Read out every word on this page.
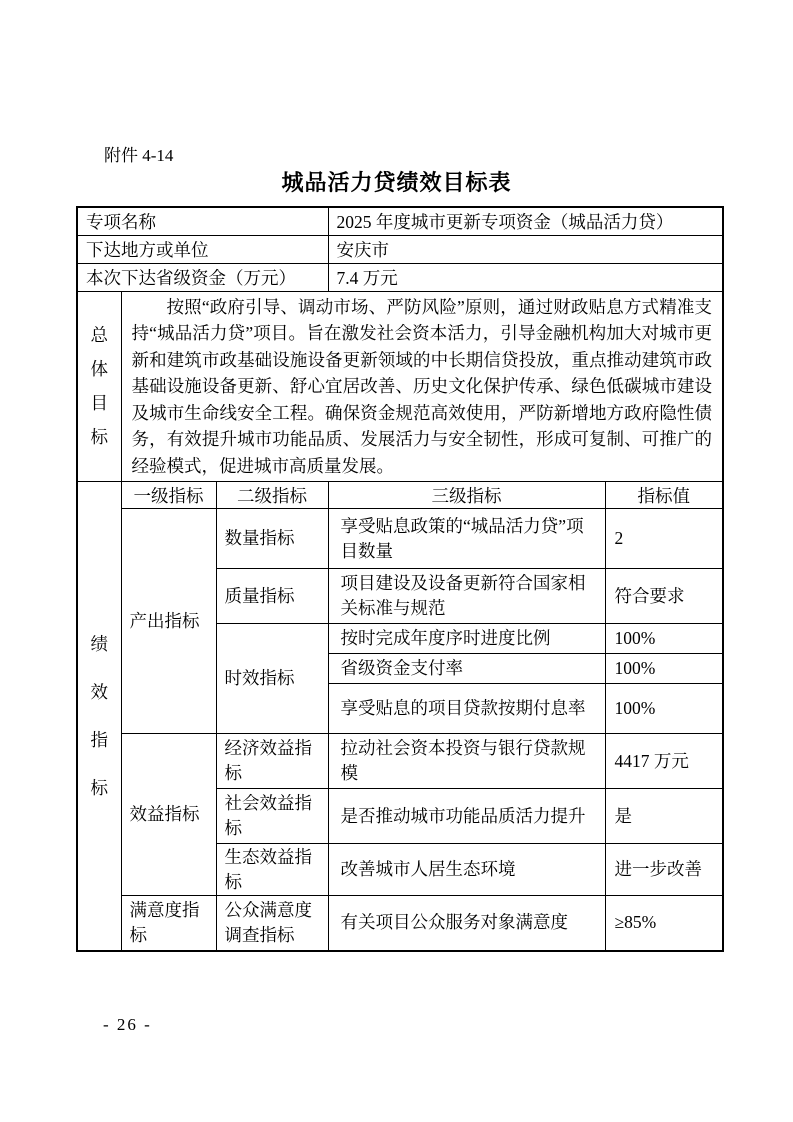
附件 4-14
城品活力贷绩效目标表
专项名称			2025 年度城市更新专项资金（城品活力贷）	
下达地方或单位			安庆市	
本次下达省级资金（万元）			7.4 万元	
总体目标	按照“政府引导、调动市场、严防风险”原则，通过财政贴息方式精准支持“城品活力贷”项目。旨在激发社会资本活力，引导金融机构加大对城市更新和建筑市政基础设施设备更新领域的中长期信贷投放，重点推动建筑市政基础设施设备更新、舒心宜居改善、历史文化保护传承、绿色低碳城市建设及城市生命线安全工程。确保资金规范高效使用，严防新增地方政府隐性债务，有效提升城市功能品质、发展活力与安全韧性，形成可复制、可推广的经验模式，促进城市高质量发展。			
绩效指标	一级指标	二级指标	三级指标	指标值
	产出指标	数量指标	享受贴息政策的“城品活力贷”项目数量	2
		质量指标	项目建设及设备更新符合国家相关标准与规范	符合要求
		时效指标	按时完成年度序时进度比例	100%
			省级资金支付率	100%
			享受贴息的项目贷款按期付息率	100%
	效益指标	经济效益指标	拉动社会资本投资与银行贷款规模	4417 万元
		社会效益指标	是否推动城市功能品质活力提升	是
		生态效益指标	改善城市人居生态环境	进一步改善
	满意度指标	公众满意度调查指标	有关项目公众服务对象满意度	≥85%
- 26 -
